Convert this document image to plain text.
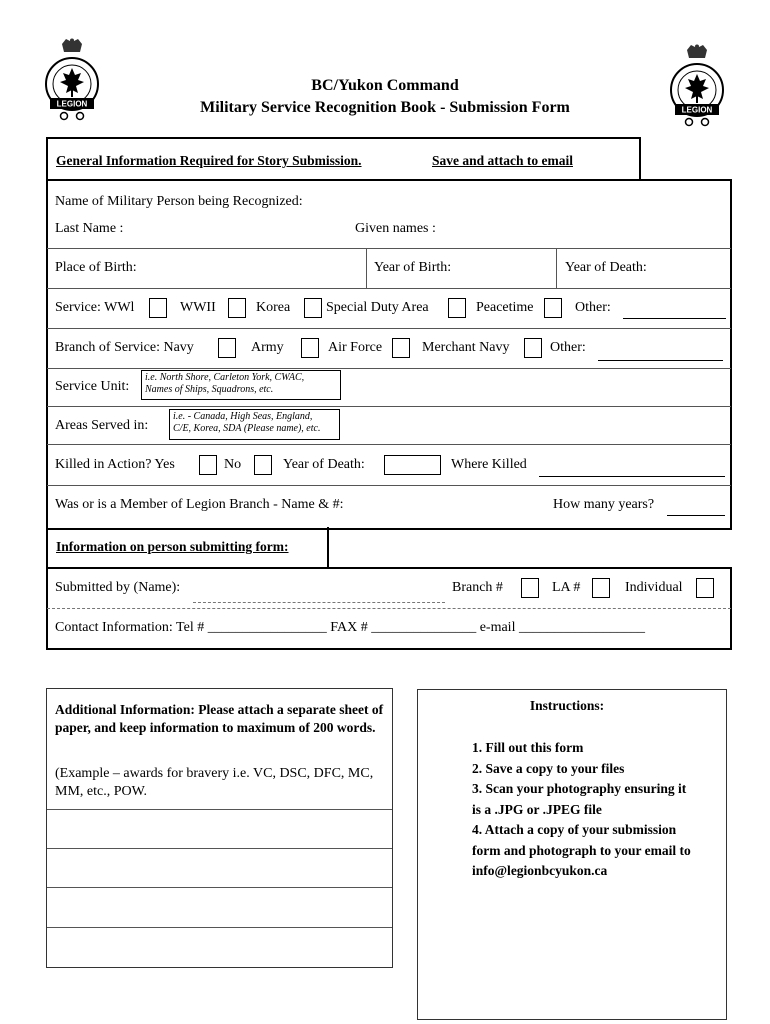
LEGION
LEGION
BC/Yukon Command
Military Service Recognition Book - Submission Form
General Information Required for Story Submission.	Save and attach to email
Name of Military Person being Recognized:
Last Name :	Given names :
Place of Birth:	Year of Birth:	Year of Death:
Service: WWl	WWII	Korea	Special Duty Area	Peacetime	Other:
Branch of Service: Navy	Army	Air Force	Merchant Navy	Other:
Service Unit:
i.e. North Shore, Carleton York, CWAC,
Names of Ships, Squadrons, etc.
Areas Served in:
i.e. - Canada, High Seas, England,
C/E, Korea, SDA (Please name), etc.
Killed in Action? Yes	No	Year of Death:	Where Killed
Was or is a Member of Legion Branch - Name & #:	How many years?
Information on person submitting form:
Submitted by (Name):	Branch #	LA #	Individual
Contact Information: Tel # _________________ FAX # _______________ e-mail __________________
Additional Information: Please attach a separate sheet of paper, and keep information to maximum of 200 words.
(Example – awards for bravery i.e. VC, DSC, DFC, MC, MM, etc., POW.
Instructions:
1. Fill out this form
2. Save a copy to your files
3. Scan your photography ensuring it
is a .JPG or .JPEG file
4. Attach a copy of your submission
form and photograph to your email to
info@legionbcyukon.ca
